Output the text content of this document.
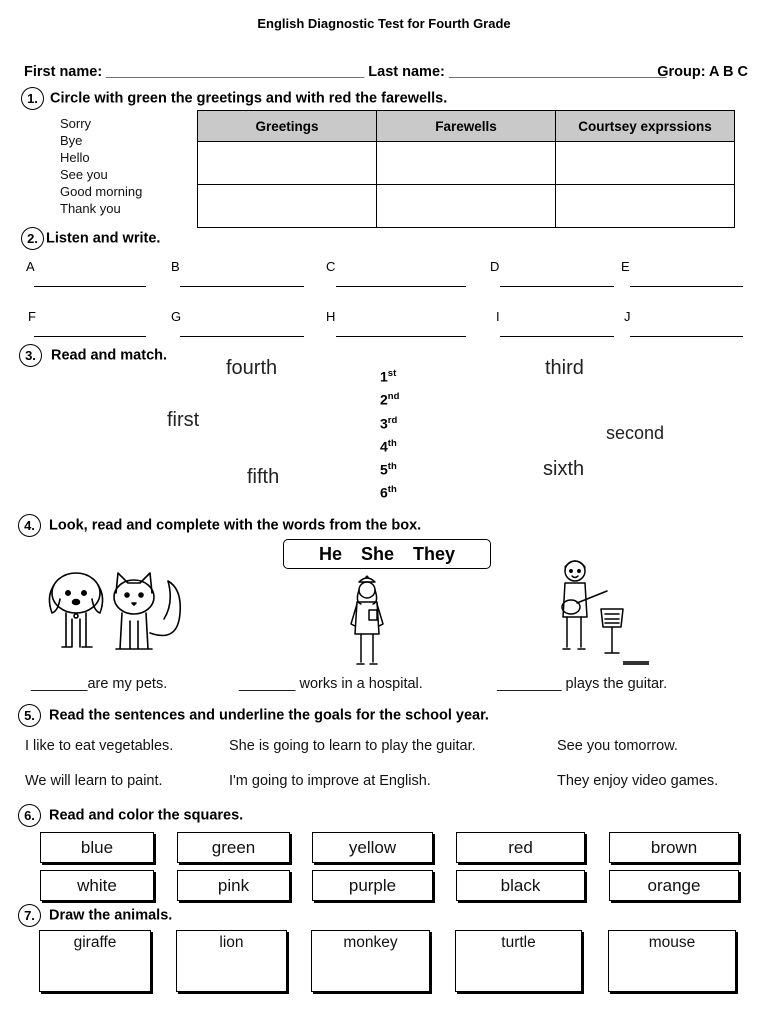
English Diagnostic Test for Fourth Grade
First name: ________________________________ Last name: ___________________________
Group: A B C
1. Circle with green the greetings and with red the farewells.
Sorry
Bye
Hello
See you
Good morning
Thank you
Greetings	Farewells	Courtsey exprssions

2. Listen and write.
A	B	C	D	E
F	G	H	I	J
3. Read and match.
fourth	third
first
second
fifth	sixth
1st
2nd
3rd
4th
5th
6th
4. Look, read and complete with the words from the box.
He She They
_______are my pets.	_______ works in a hospital.	________ plays the guitar.
5. Read the sentences and underline the goals for the school year.
I like to eat vegetables.	She is going to learn to play the guitar.	See you tomorrow.
We will learn to paint.	I'm going to improve at English.	They enjoy video games.
6. Read and color the squares.
blue	green	yellow	red	brown
white	pink	purple	black	orange
7. Draw the animals.
giraffe	lion	monkey	turtle	mouse
